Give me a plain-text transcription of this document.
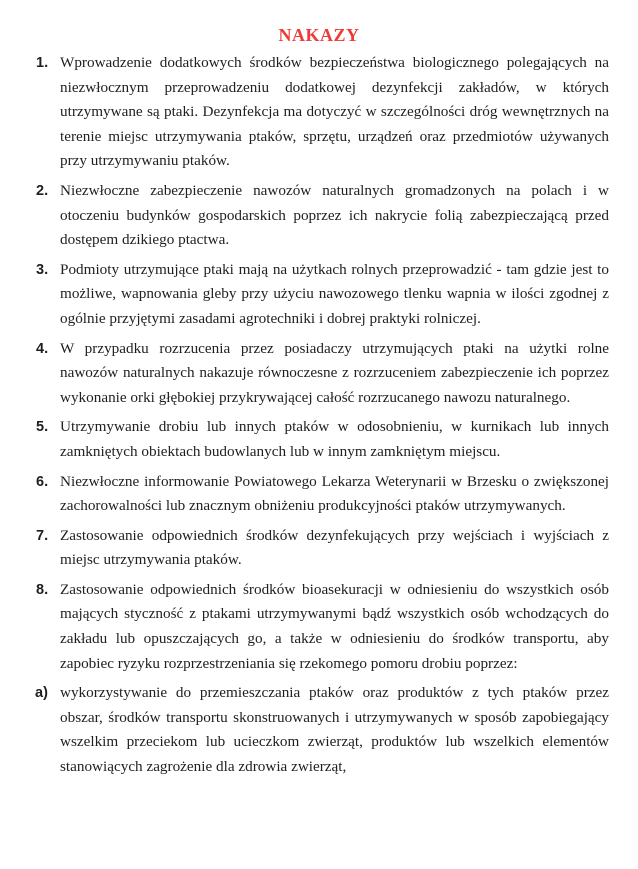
NAKAZY
1. Wprowadzenie dodatkowych środków bezpieczeństwa biologicznego polegających na niezwłocznym przeprowadzeniu dodatkowej dezynfekcji zakładów, w których utrzymywane są ptaki. Dezynfekcja ma dotyczyć w szczególności dróg wewnętrznych na terenie miejsc utrzymywania ptaków, sprzętu, urządzeń oraz przedmiotów używanych przy utrzymywaniu ptaków.
2. Niezwłoczne zabezpieczenie nawozów naturalnych gromadzonych na polach i w otoczeniu budynków gospodarskich poprzez ich nakrycie folią zabezpieczającą przed dostępem dzikiego ptactwa.
3. Podmioty utrzymujące ptaki mają na użytkach rolnych przeprowadzić - tam gdzie jest to możliwe, wapnowania gleby przy użyciu nawozowego tlenku wapnia w ilości zgodnej z ogólnie przyjętymi zasadami agrotechniki i dobrej praktyki rolniczej.
4. W przypadku rozrzucenia przez posiadaczy utrzymujących ptaki na użytki rolne nawozów naturalnych nakazuje równoczesne z rozrzuceniem zabezpieczenie ich poprzez wykonanie orki głębokiej przykrywającej całość rozrzucanego nawozu naturalnego.
5. Utrzymywanie drobiu lub innych ptaków w odosobnieniu, w kurnikach lub innych zamkniętych obiektach budowlanych lub w innym zamkniętym miejscu.
6. Niezwłoczne informowanie Powiatowego Lekarza Weterynarii w Brzesku o zwiększonej zachorowalności lub znacznym obniżeniu produkcyjności ptaków utrzymywanych.
7. Zastosowanie odpowiednich środków dezynfekujących przy wejściach i wyjściach z miejsc utrzymywania ptaków.
8. Zastosowanie odpowiednich środków bioasekuracji w odniesieniu do wszystkich osób mających styczność z ptakami utrzymywanymi bądź wszystkich osób wchodzących do zakładu lub opuszczających go, a także w odniesieniu do środków transportu, aby zapobiec ryzyku rozprzestrzeniania się rzekomego pomoru drobiu poprzez:
a) wykorzystywanie do przemieszczania ptaków oraz produktów z tych ptaków przez obszar, środków transportu skonstruowanych i utrzymywanych w sposób zapobiegający wszelkim przeciekom lub ucieczkom zwierząt, produktów lub wszelkich elementów stanowiących zagrożenie dla zdrowia zwierząt,
